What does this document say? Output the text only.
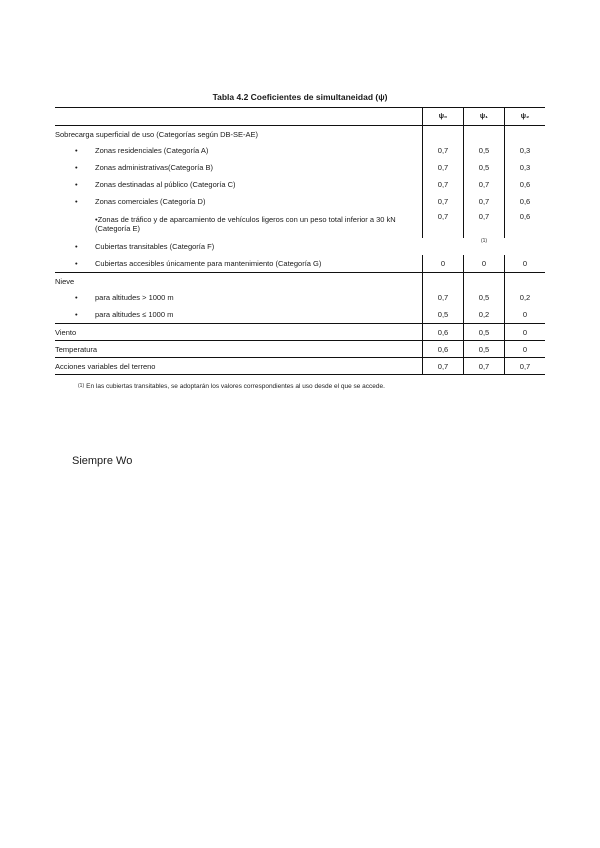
Tabla 4.2 Coeficientes de simultaneidad (ψ)
	ψ₀	ψ₁	ψ₂
Sobrecarga superficial de uso (Categorías según DB-SE-AE)			

• Zonas residenciales (Categoría A)	0,7	0,5	0,3

• Zonas administrativas(Categoría B)	0,7	0,5	0,3

• Zonas destinadas al público (Categoría C)	0,7	0,7	0,6

• Zonas comerciales (Categoría D)	0,7	0,7	0,6
•Zonas de tráfico y de aparcamiento de vehículos ligeros con un peso total inferior a 30 kN (Categoría E)	0,7	0,7	0,6

• Cubiertas transitables (Categoría F)		$^{(1)}$	

• Cubiertas accesibles únicamente para mantenimiento (Categoría G)	0	0	0
Nieve			

• para altitudes > 1000 m	0,7	0,5	0,2

• para altitudes ≤ 1000 m	0,5	0,2	0
Viento	0,6	0,5	0
Temperatura	0,6	0,5	0
Acciones variables del terreno	0,7	0,7	0,7
$^{(1)}$ En las cubiertas transitables, se adoptarán los valores correspondientes al uso desde el que se accede.
Siempre Wo
